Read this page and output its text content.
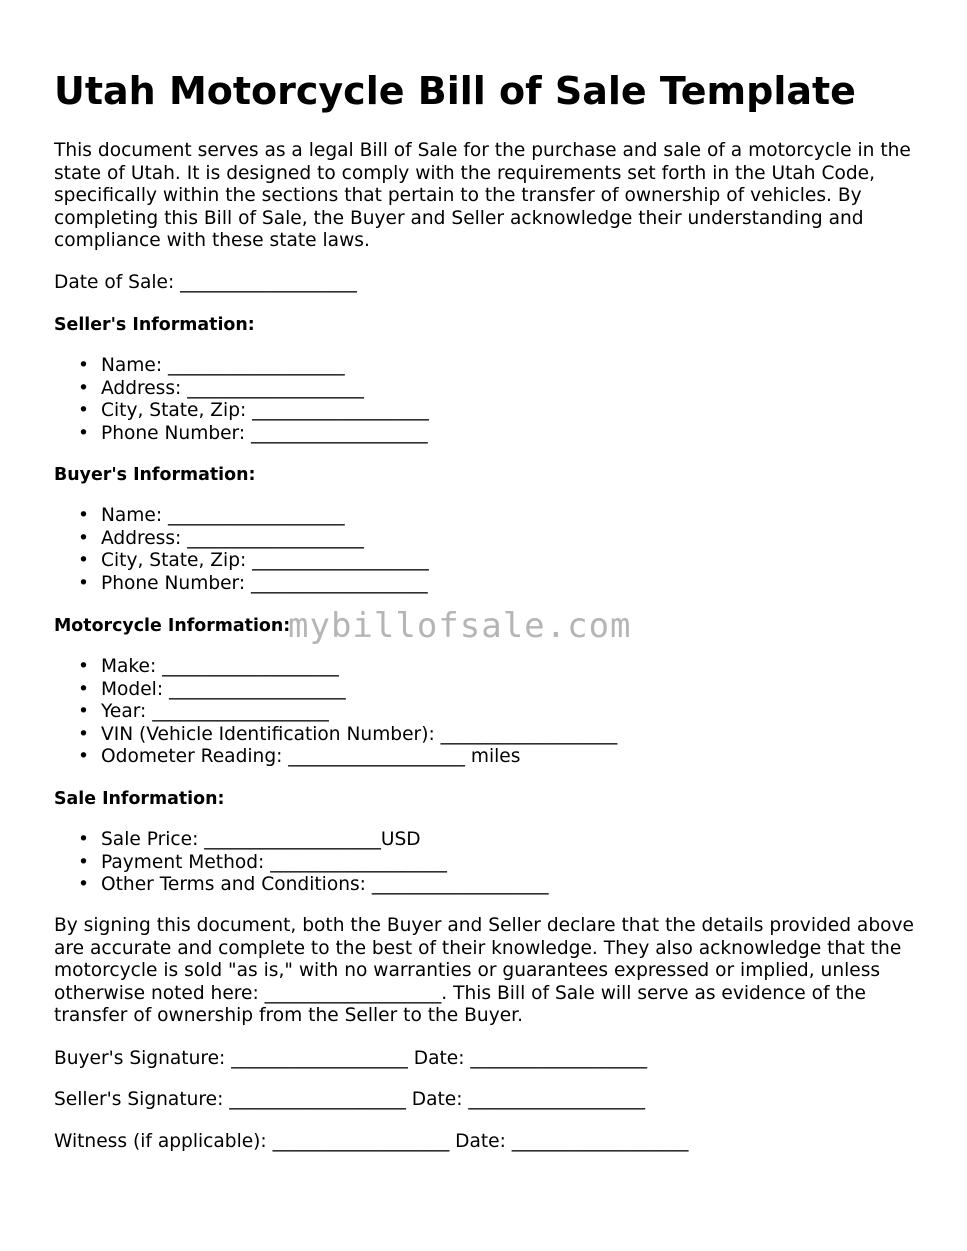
Utah Motorcycle Bill of Sale Template

This document serves as a legal Bill of Sale for the purchase and sale of a motorcycle in the state of Utah. It is designed to comply with the requirements set forth in the Utah Code, specifically within the sections that pertain to the transfer of ownership of vehicles. By completing this Bill of Sale, the Buyer and Seller acknowledge their understanding and compliance with these state laws.

Date of Sale: ___________________

Seller's Information:

• Name: ___________________
• Address: ___________________
• City, State, Zip: ___________________
• Phone Number: ___________________

Buyer's Information:

• Name: ___________________
• Address: ___________________
• City, State, Zip: ___________________
• Phone Number: ___________________

Motorcycle Information:

• Make: ___________________
• Model: ___________________
• Year: ___________________
• VIN (Vehicle Identification Number): ___________________
• Odometer Reading: ___________________ miles

Sale Information:

• Sale Price: ___________________USD
• Payment Method: ___________________
• Other Terms and Conditions: ___________________

By signing this document, both the Buyer and Seller declare that the details provided above are accurate and complete to the best of their knowledge. They also acknowledge that the motorcycle is sold "as is," with no warranties or guarantees expressed or implied, unless otherwise noted here: ___________________. This Bill of Sale will serve as evidence of the transfer of ownership from the Seller to the Buyer.

Buyer's Signature: ___________________ Date: ___________________

Seller's Signature: ___________________ Date: ___________________

Witness (if applicable): ___________________ Date: ___________________

mybillofsale.com
